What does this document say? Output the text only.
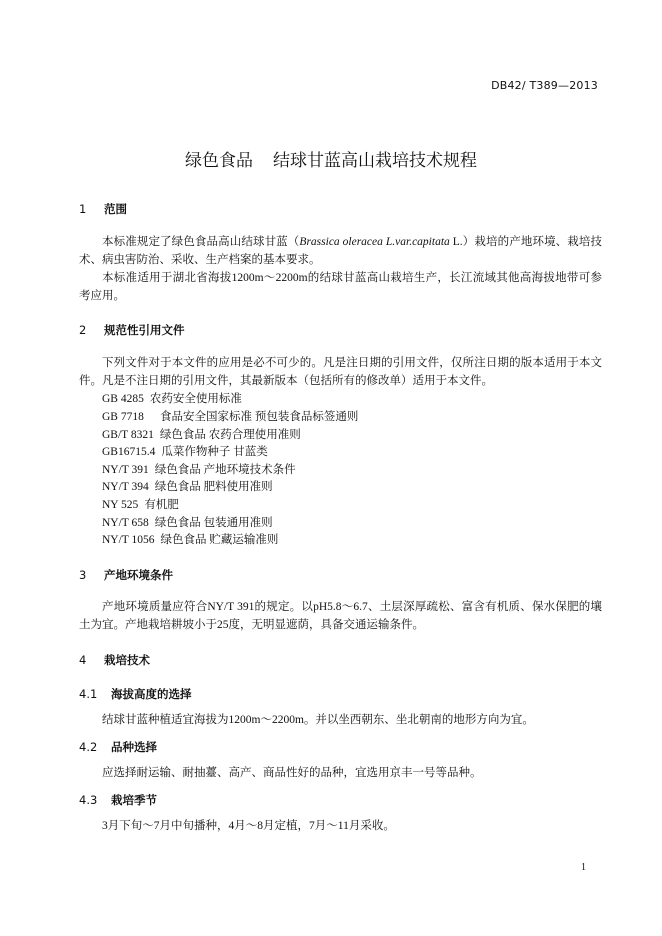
DB42/ T389—2013
绿色食品 结球甘蓝高山栽培技术规程
1 范围
本标准规定了绿色食品高山结球甘蓝（Brassica oleracea L.var.capitata L.）栽培的产地环境、栽培技术、病虫害防治、采收、生产档案的基本要求。
本标准适用于湖北省海拔1200m～2200m的结球甘蓝高山栽培生产，长江流域其他高海拔地带可参考应用。
2 规范性引用文件
下列文件对于本文件的应用是必不可少的。凡是注日期的引用文件，仅所注日期的版本适用于本文件。凡是不注日期的引用文件，其最新版本（包括所有的修改单）适用于本文件。
GB 4285 农药安全使用标准
GB 7718 食品安全国家标准 预包装食品标签通则
GB/T 8321 绿色食品 农药合理使用准则
GB16715.4 瓜菜作物种子 甘蓝类
NY/T 391 绿色食品 产地环境技术条件
NY/T 394 绿色食品 肥料使用准则
NY 525 有机肥
NY/T 658 绿色食品 包装通用准则
NY/T 1056 绿色食品 贮藏运输准则
3 产地环境条件
产地环境质量应符合NY/T 391的规定。以pH5.8～6.7、土层深厚疏松、富含有机质、保水保肥的壤土为宜。产地栽培耕坡小于25度，无明显遮荫，具备交通运输条件。
4 栽培技术
4.1 海拔高度的选择
结球甘蓝种植适宜海拔为1200m～2200m。并以坐西朝东、坐北朝南的地形方向为宜。
4.2 品种选择
应选择耐运输、耐抽薹、高产、商品性好的品种，宜选用京丰一号等品种。
4.3 栽培季节
3月下旬～7月中旬播种，4月～8月定植，7月～11月采收。
1
